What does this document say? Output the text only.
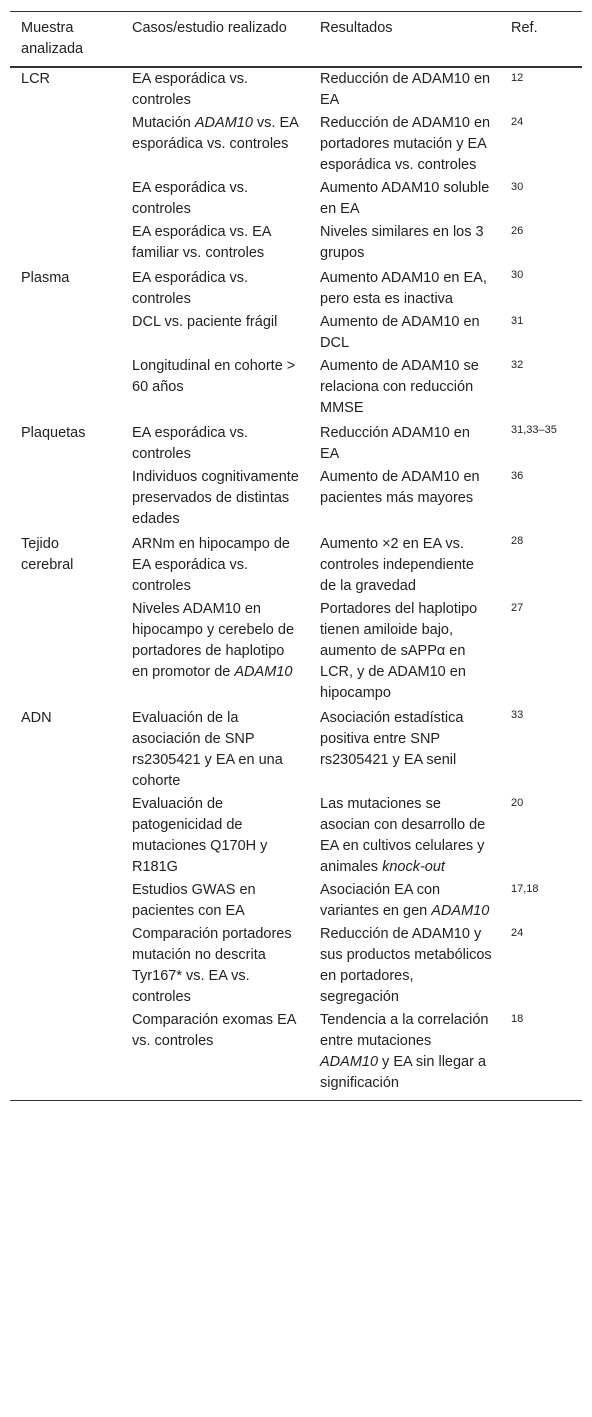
Muestra analizada	Casos/estudio realizado	Resultados	Ref.
LCR	EA esporádica vs. controles	Reducción de ADAM10 en EA	12
	Mutación ADAM10 vs. EA esporádica vs. controles	Reducción de ADAM10 en portadores mutación y EA esporádica vs. controles	24
	EA esporádica vs. controles	Aumento ADAM10 soluble en EA	30
	EA esporádica vs. EA familiar vs. controles	Niveles similares en los 3 grupos	26
Plasma	EA esporádica vs. controles	Aumento ADAM10 en EA, pero esta es inactiva	30
	DCL vs. paciente frágil	Aumento de ADAM10 en DCL	31
	Longitudinal en cohorte > 60 años	Aumento de ADAM10 se relaciona con reducción MMSE	32
Plaquetas	EA esporádica vs. controles	Reducción ADAM10 en EA	31,33–35
	Individuos cognitivamente preservados de distintas edades	Aumento de ADAM10 en pacientes más mayores	36
Tejido cerebral	ARNm en hipocampo de EA esporádica vs. controles	Aumento ×2 en EA vs. controles independiente de la gravedad	28
	Niveles ADAM10 en hipocampo y cerebelo de portadores de haplotipo en promotor de ADAM10	Portadores del haplotipo tienen amiloide bajo, aumento de sAPPα en LCR, y de ADAM10 en hipocampo	27
ADN	Evaluación de la asociación de SNP rs2305421 y EA en una cohorte	Asociación estadística positiva entre SNP rs2305421 y EA senil	33
	Evaluación de patogenicidad de mutaciones Q170H y R181G	Las mutaciones se asocian con desarrollo de EA en cultivos celulares y animales knock-out	20
	Estudios GWAS en pacientes con EA	Asociación EA con variantes en gen ADAM10	17,18
	Comparación portadores mutación no descrita Tyr167* vs. EA vs. controles	Reducción de ADAM10 y sus productos metabólicos en portadores, segregación	24
	Comparación exomas EA vs. controles	Tendencia a la correlación entre mutaciones ADAM10 y EA sin llegar a significación	18
